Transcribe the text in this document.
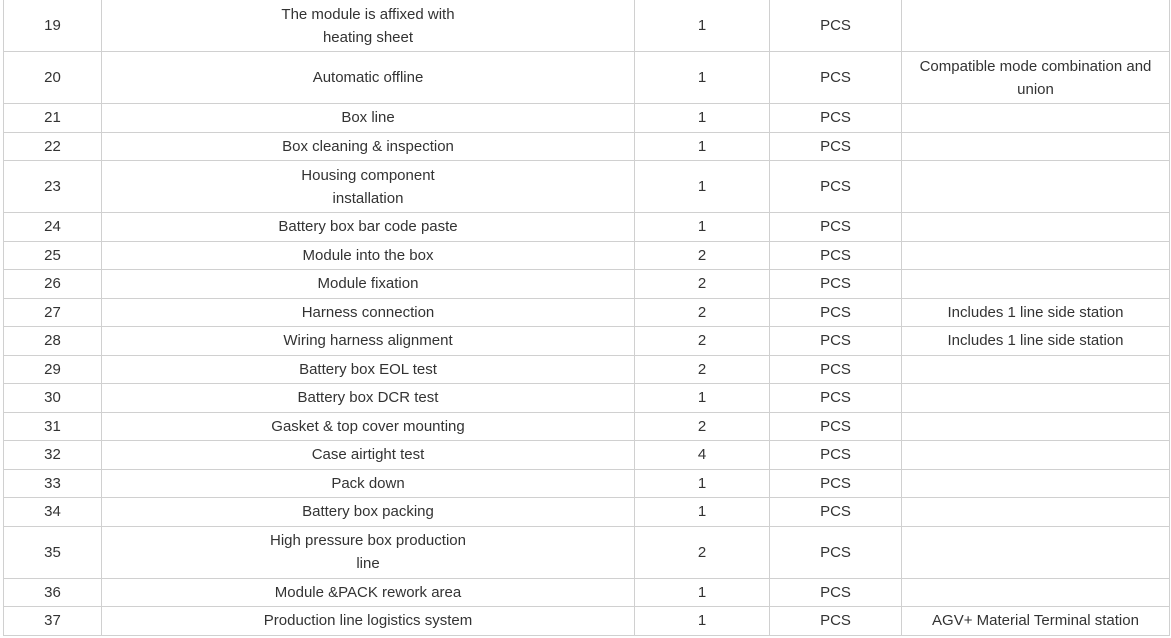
19	The module is affixed with heating sheet	1	PCS	
20	Automatic offline	1	PCS	Compatible mode combination and union
21	Box line	1	PCS	
22	Box cleaning & inspection	1	PCS	
23	Housing component installation	1	PCS	
24	Battery box bar code paste	1	PCS	
25	Module into the box	2	PCS	
26	Module fixation	2	PCS	
27	Harness connection	2	PCS	Includes 1 line side station
28	Wiring harness alignment	2	PCS	Includes 1 line side station
29	Battery box EOL test	2	PCS	
30	Battery box DCR test	1	PCS	
31	Gasket & top cover mounting	2	PCS	
32	Case airtight test	4	PCS	
33	Pack down	1	PCS	
34	Battery box packing	1	PCS	
35	High pressure box production line	2	PCS	
36	Module &PACK rework area	1	PCS	
37	Production line logistics system	1	PCS	AGV+ Material Terminal station
